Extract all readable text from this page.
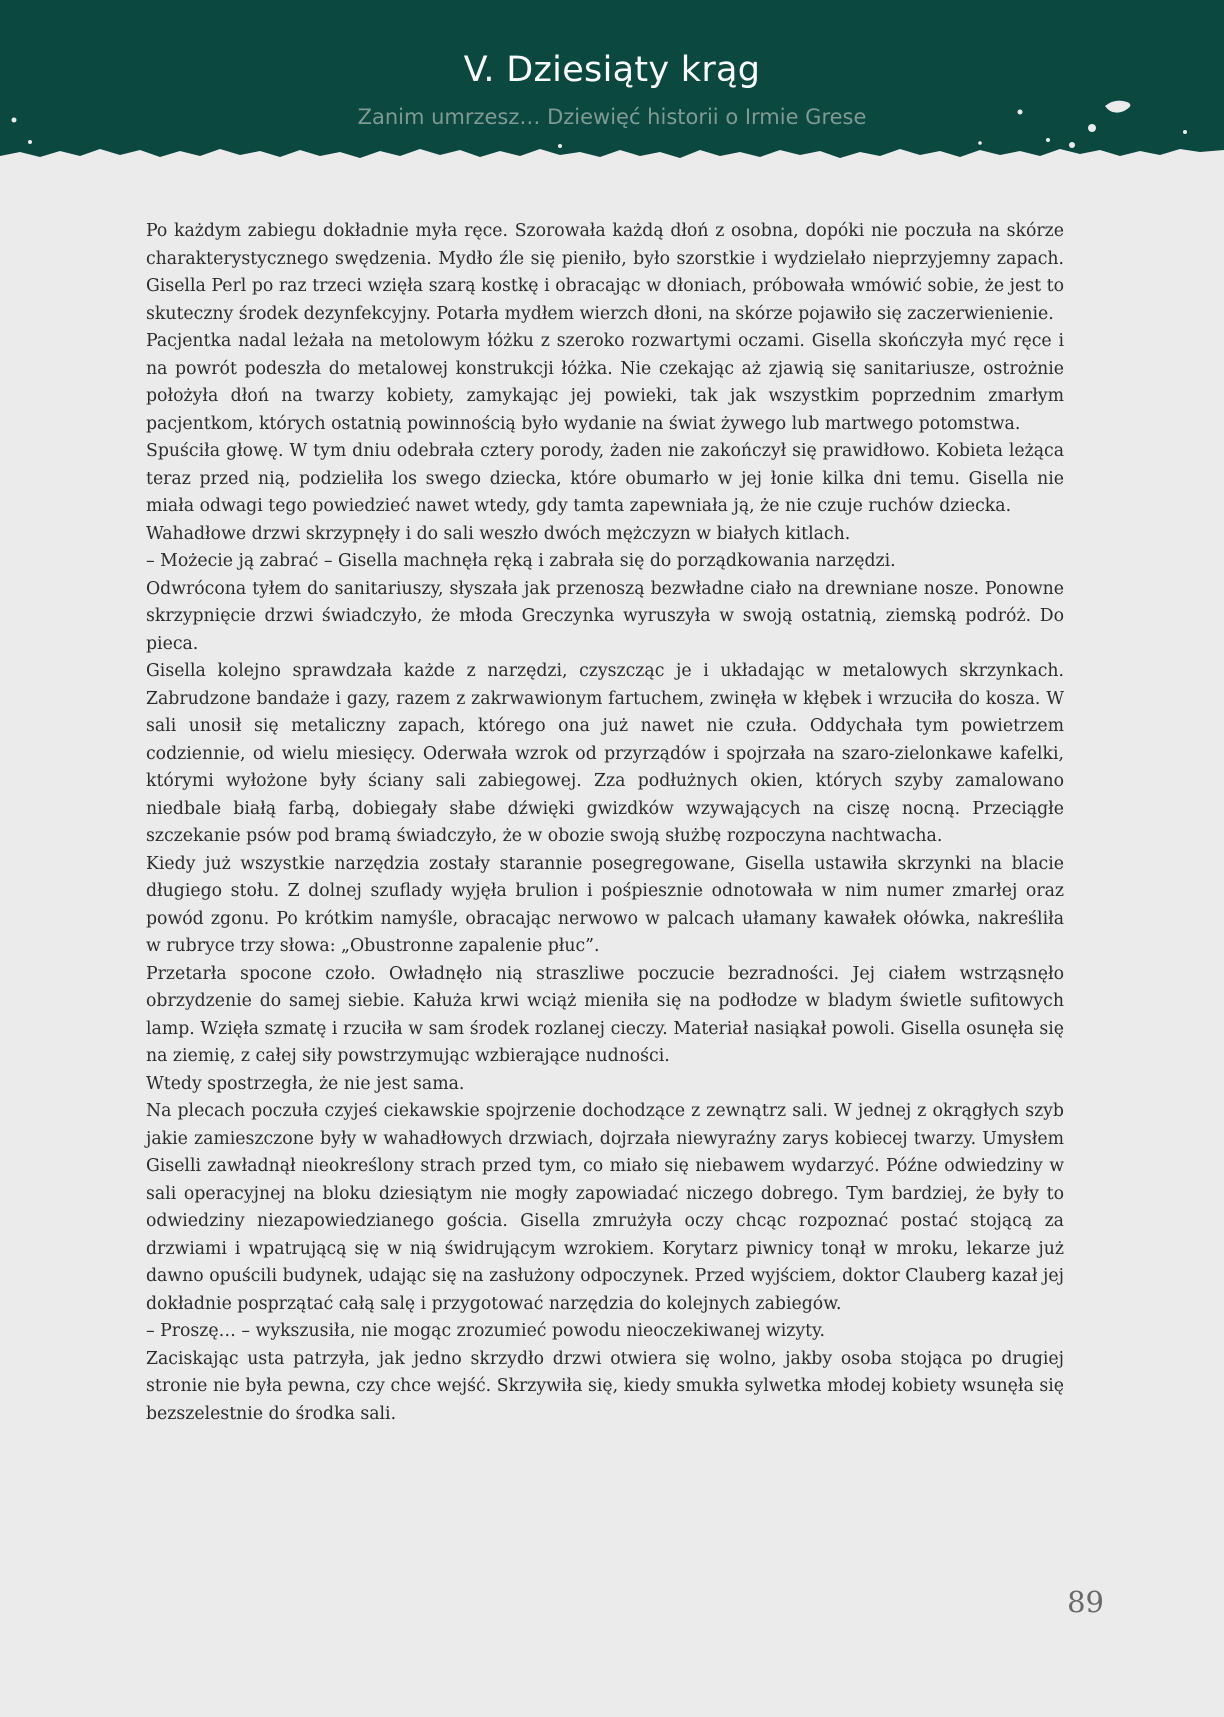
V. Dziesiąty krąg

Zanim umrzesz… Dziewięć historii o Irmie Grese

Po każdym zabiegu dokładnie myła ręce. Szorowała każdą dłoń z osobna, dopóki nie poczuła na skórze charakterystycznego swędzenia. Mydło źle się pieniło, było szorstkie i wydzielało nieprzyjemny zapach. Gisella Perl po raz trzeci wzięła szarą kostkę i obracając w dłoniach, próbowała wmówić sobie, że jest to skuteczny środek dezynfekcyjny. Potarła mydłem wierzch dłoni, na skórze pojawiło się zaczerwienienie.

Pacjentka nadal leżała na metolowym łóżku z szeroko rozwartymi oczami. Gisella skończyła myć ręce i na powrót podeszła do metalowej konstrukcji łóżka. Nie czekając aż zjawią się sanitariusze, ostrożnie położyła dłoń na twarzy kobiety, zamykając jej powieki, tak jak wszystkim poprzednim zmarłym pacjentkom, których ostatnią powinnością było wydanie na świat żywego lub martwego potomstwa.

Spuściła głowę. W tym dniu odebrała cztery porody, żaden nie zakończył się prawidłowo. Kobieta leżąca teraz przed nią, podzieliła los swego dziecka, które obumarło w jej łonie kilka dni temu. Gisella nie miała odwagi tego powiedzieć nawet wtedy, gdy tamta zapewniała ją, że nie czuje ruchów dziecka.

Wahadłowe drzwi skrzypnęły i do sali weszło dwóch mężczyzn w białych kitlach.

– Możecie ją zabrać – Gisella machnęła ręką i zabrała się do porządkowania narzędzi.

Odwrócona tyłem do sanitariuszy, słyszała jak przenoszą bezwładne ciało na drewniane nosze. Ponowne skrzypnięcie drzwi świadczyło, że młoda Greczynka wyruszyła w swoją ostatnią, ziemską podróż. Do pieca.

Gisella kolejno sprawdzała każde z narzędzi, czyszcząc je i układając w metalowych skrzynkach. Zabrudzone bandaże i gazy, razem z zakrwawionym fartuchem, zwinęła w kłębek i wrzuciła do kosza. W sali unosił się metaliczny zapach, którego ona już nawet nie czuła. Oddychała tym powietrzem codziennie, od wielu miesięcy. Oderwała wzrok od przyrządów i spojrzała na szaro-zielonkawe kafelki, którymi wyłożone były ściany sali zabiegowej. Zza podłużnych okien, których szyby zamalowano niedbale białą farbą, dobiegały słabe dźwięki gwizdków wzywających na ciszę nocną. Przeciągłe szczekanie psów pod bramą świadczyło, że w obozie swoją służbę rozpoczyna nachtwacha.

Kiedy już wszystkie narzędzia zostały starannie posegregowane, Gisella ustawiła skrzynki na blacie długiego stołu. Z dolnej szuflady wyjęła brulion i pośpiesznie odnotowała w nim numer zmarłej oraz powód zgonu. Po krótkim namyśle, obracając nerwowo w palcach ułamany kawałek ołówka, nakreśliła w rubryce trzy słowa: „Obustronne zapalenie płuc”.

Przetarła spocone czoło. Owładnęło nią straszliwe poczucie bezradności. Jej ciałem wstrząsnęło obrzydzenie do samej siebie. Kałuża krwi wciąż mieniła się na podłodze w bladym świetle sufitowych lamp. Wzięła szmatę i rzuciła w sam środek rozlanej cieczy. Materiał nasiąkał powoli. Gisella osunęła się na ziemię, z całej siły powstrzymując wzbierające nudności.

Wtedy spostrzegła, że nie jest sama.

Na plecach poczuła czyjeś ciekawskie spojrzenie dochodzące z zewnątrz sali. W jednej z okrągłych szyb jakie zamieszczone były w wahadłowych drzwiach, dojrzała niewyraźny zarys kobiecej twarzy. Umysłem Giselli zawładnął nieokreślony strach przed tym, co miało się niebawem wydarzyć. Późne odwiedziny w sali operacyjnej na bloku dziesiątym nie mogły zapowiadać niczego dobrego. Tym bardziej, że były to odwiedziny niezapowiedzianego gościa. Gisella zmrużyła oczy chcąc rozpoznać postać stojącą za drzwiami i wpatrującą się w nią świdrującym wzrokiem. Korytarz piwnicy tonął w mroku, lekarze już dawno opuścili budynek, udając się na zasłużony odpoczynek. Przed wyjściem, doktor Clauberg kazał jej dokładnie posprzątać całą salę i przygotować narzędzia do kolejnych zabiegów.

– Proszę… – wykszusiła, nie mogąc zrozumieć powodu nieoczekiwanej wizyty.

Zaciskając usta patrzyła, jak jedno skrzydło drzwi otwiera się wolno, jakby osoba stojąca po drugiej stronie nie była pewna, czy chce wejść. Skrzywiła się, kiedy smukła sylwetka młodej kobiety wsunęła się bezszelestnie do środka sali.

89
